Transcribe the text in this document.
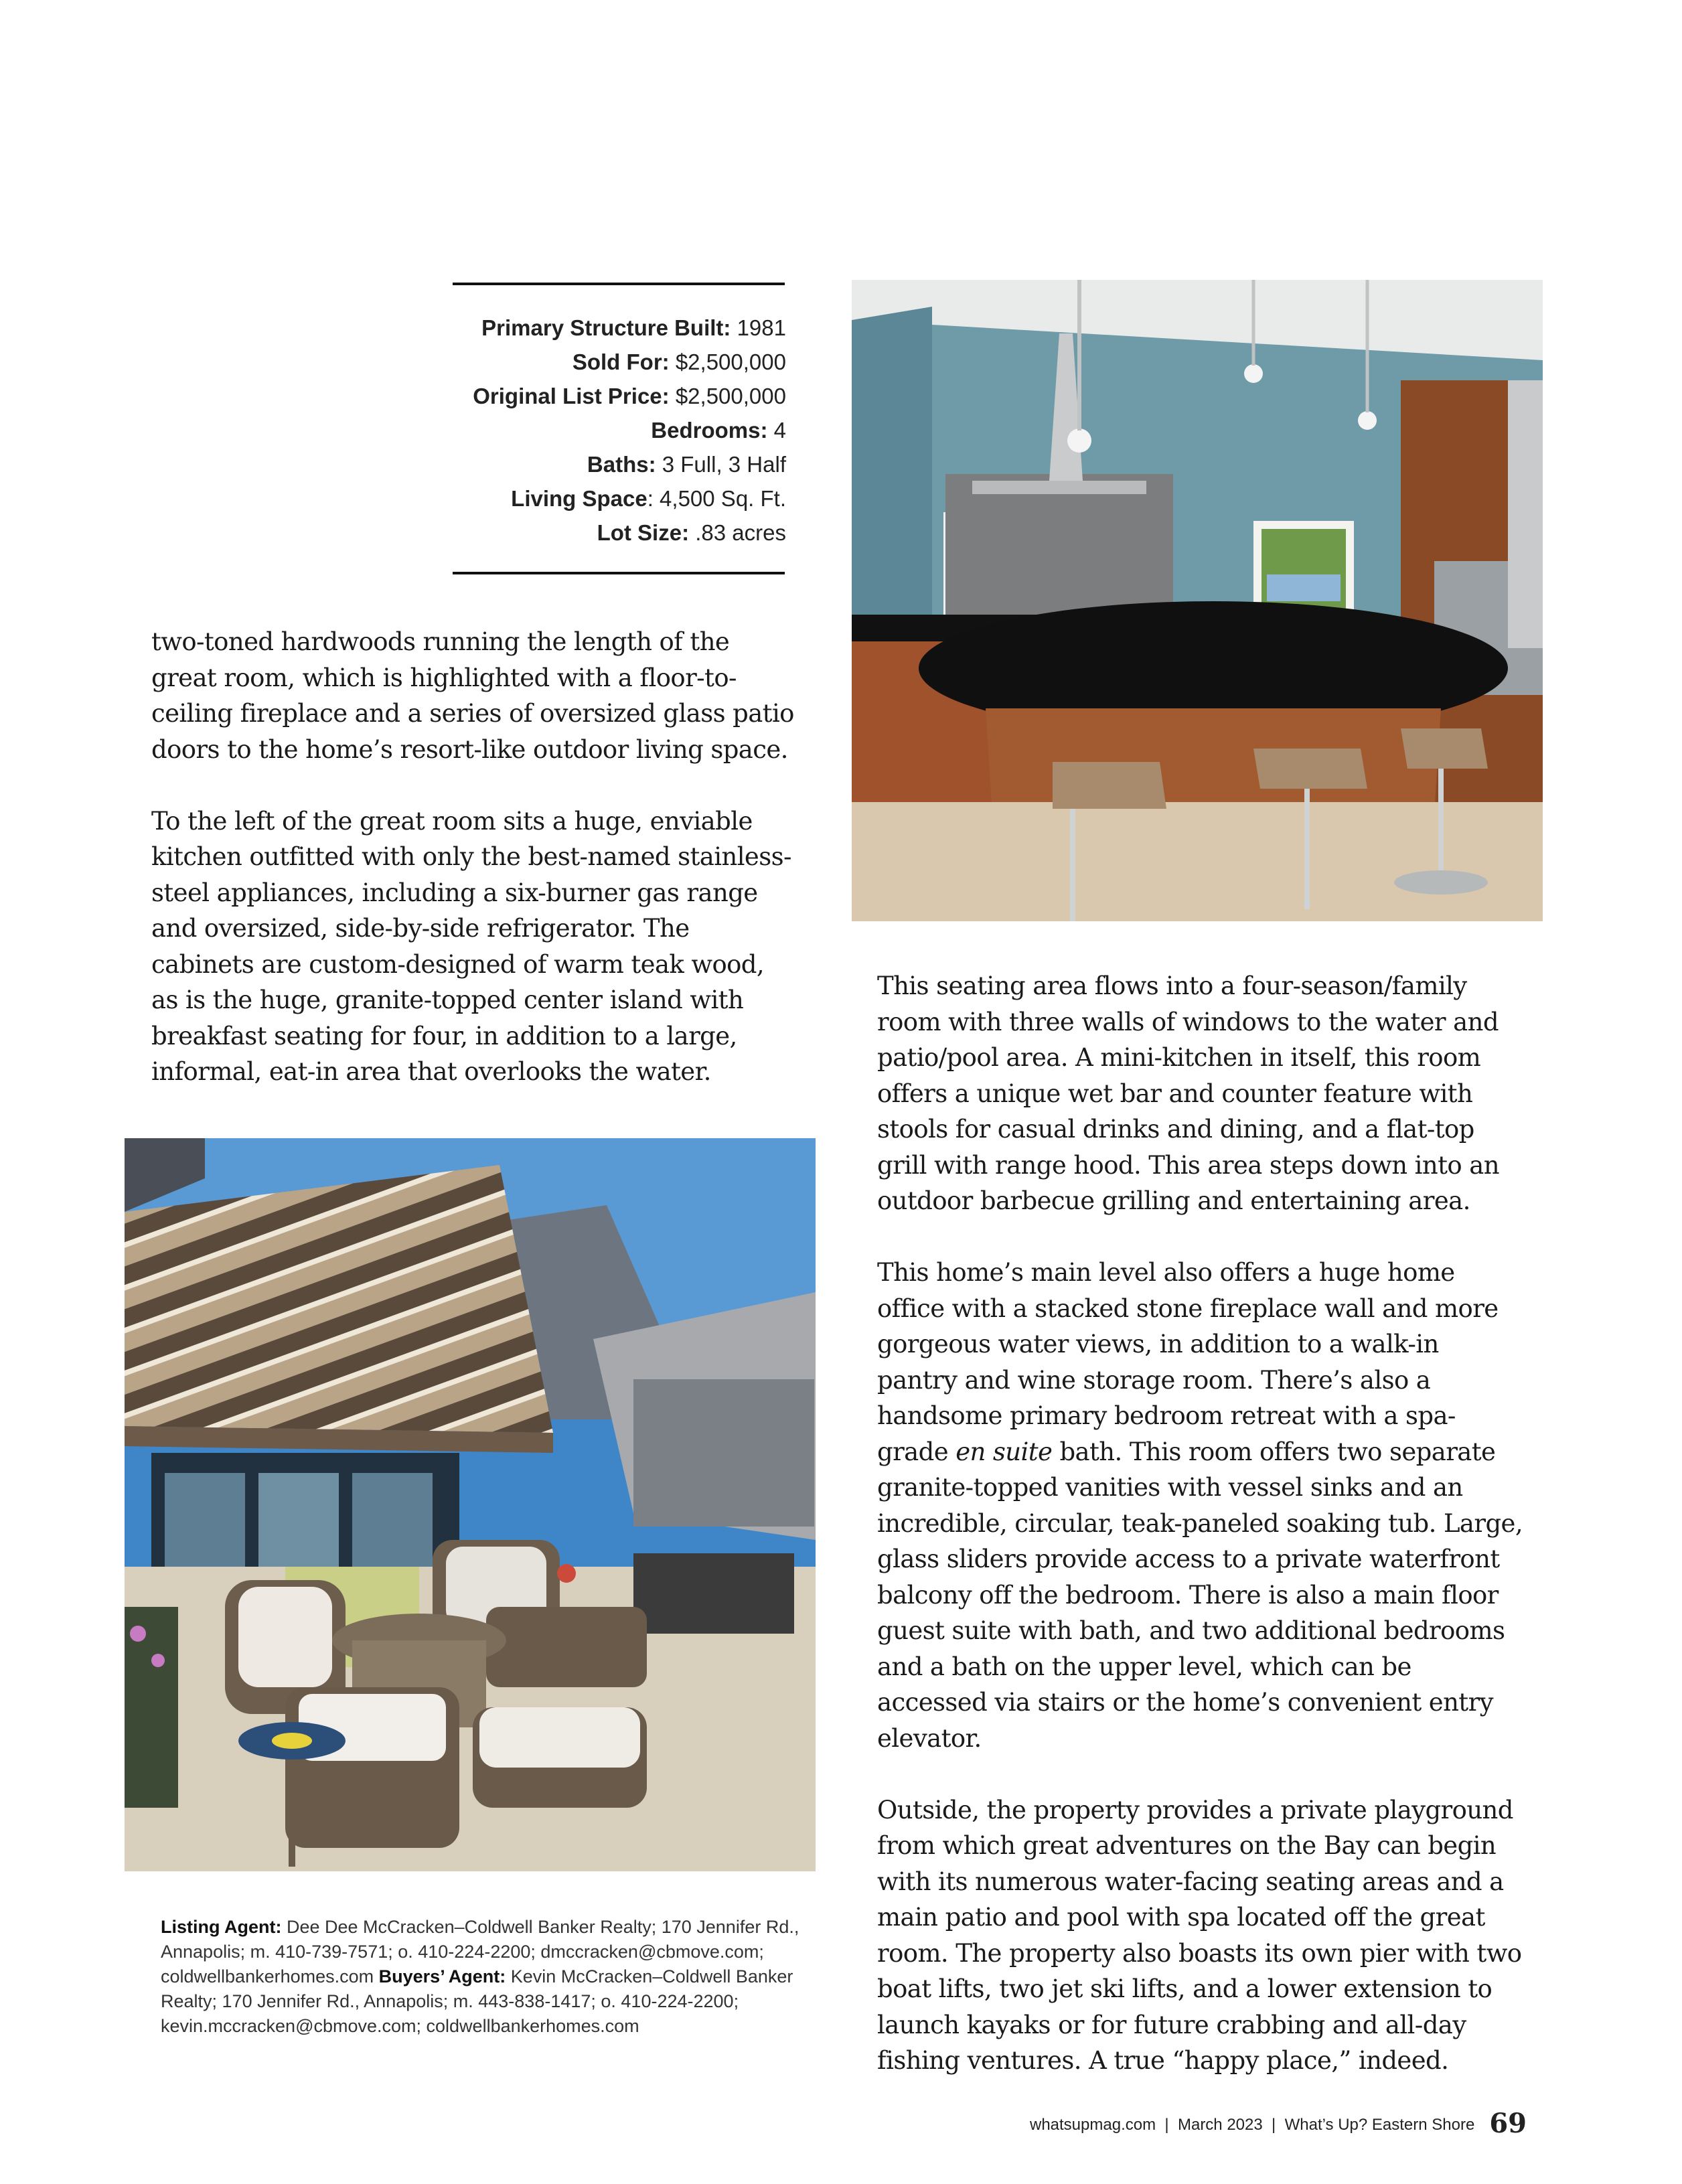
Primary Structure Built: 1981
Sold For: $2,500,000
Original List Price: $2,500,000
Bedrooms: 4
Baths: 3 Full, 3 Half
Living Space: 4,500 Sq. Ft.
Lot Size: .83 acres

two-toned hardwoods running the length of the great room, which is highlighted with a floor-to-ceiling fireplace and a series of oversized glass patio doors to the home’s resort-like outdoor living space.

To the left of the great room sits a huge, enviable kitchen outfitted with only the best-named stainless-steel appliances, including a six-burner gas range and oversized, side-by-side refrigerator. The cabinets are custom-designed of warm teak wood, as is the huge, granite-topped center island with breakfast seating for four, in addition to a large, informal, eat-in area that overlooks the water.

This seating area flows into a four-season/family room with three walls of windows to the water and patio/pool area. A mini-kitchen in itself, this room offers a unique wet bar and counter feature with stools for casual drinks and dining, and a flat-top grill with range hood. This area steps down into an outdoor barbecue grilling and entertaining area.

This home’s main level also offers a huge home office with a stacked stone fireplace wall and more gorgeous water views, in addition to a walk-in pantry and wine storage room. There’s also a handsome primary bedroom retreat with a spa-grade en suite bath. This room offers two separate granite-topped vanities with vessel sinks and an incredible, circular, teak-paneled soaking tub. Large, glass sliders provide access to a private waterfront balcony off the bedroom. There is also a main floor guest suite with bath, and two additional bedrooms and a bath on the upper level, which can be accessed via stairs or the home’s convenient entry elevator.

Outside, the property provides a private playground from which great adventures on the Bay can begin with its numerous water-facing seating areas and a main patio and pool with spa located off the great room. The property also boasts its own pier with two boat lifts, two jet ski lifts, and a lower extension to launch kayaks or for future crabbing and all-day fishing ventures. A true “happy place,” indeed.

Listing Agent: Dee Dee McCracken–Coldwell Banker Realty; 170 Jennifer Rd., Annapolis; m. 410-739-7571; o. 410-224-2200; dmccracken@cbmove.com; coldwellbankerhomes.com Buyers’ Agent: Kevin McCracken–Coldwell Banker Realty; 170 Jennifer Rd., Annapolis; m. 443-838-1417; o. 410-224-2200; kevin.mccracken@cbmove.com; coldwellbankerhomes.com
whatsupmag.com  |  March 2023  |  What’s Up? Eastern Shore 69
